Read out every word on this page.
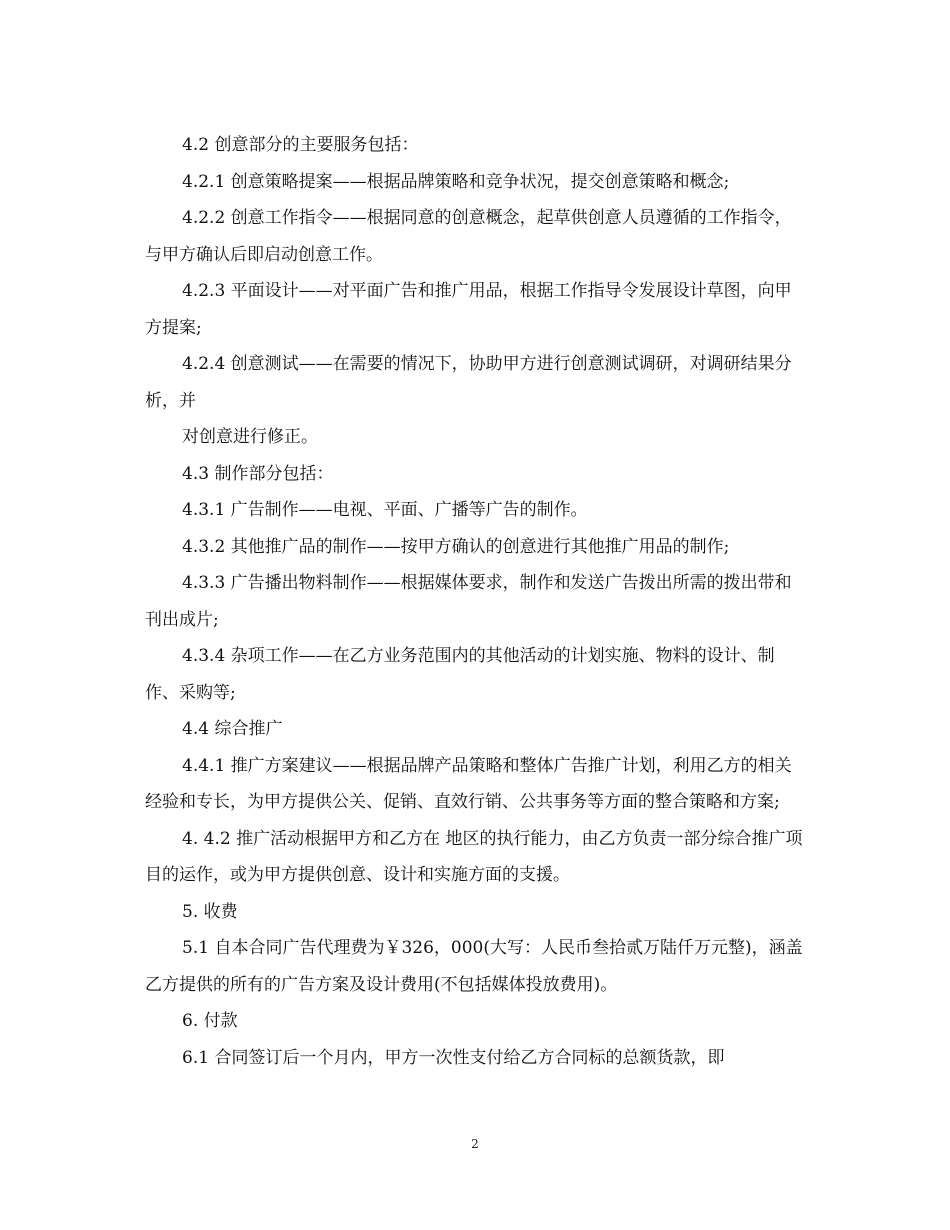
4.2 创意部分的主要服务包括：

4.2.1 创意策略提案——根据品牌策略和竞争状况，提交创意策略和概念;

4.2.2 创意工作指令——根据同意的创意概念，起草供创意人员遵循的工作指令，与甲方确认后即启动创意工作。

4.2.3 平面设计——对平面广告和推广用品，根据工作指导令发展设计草图，向甲方提案;

4.2.4 创意测试——在需要的情况下，协助甲方进行创意测试调研，对调研结果分析，并

对创意进行修正。

4.3 制作部分包括：

4.3.1 广告制作——电视、平面、广播等广告的制作。

4.3.2 其他推广品的制作——按甲方确认的创意进行其他推广用品的制作;

4.3.3 广告播出物料制作——根据媒体要求，制作和发送广告拨出所需的拨出带和刊出成片;

4.3.4 杂项工作——在乙方业务范围内的其他活动的计划实施、物料的设计、制作、采购等;

4.4 综合推广

4.4.1 推广方案建议——根据品牌产品策略和整体广告推广计划，利用乙方的相关经验和专长，为甲方提供公关、促销、直效行销、公共事务等方面的整合策略和方案;

4. 4.2 推广活动根据甲方和乙方在 地区的执行能力，由乙方负责一部分综合推广项目的运作，或为甲方提供创意、设计和实施方面的支援。

5. 收费

5.1 自本合同广告代理费为￥326，000(大写：人民币叁拾贰万陆仟万元整)，涵盖乙方提供的所有的广告方案及设计费用(不包括媒体投放费用)。

6. 付款

6.1 合同签订后一个月内，甲方一次性支付给乙方合同标的总额货款，即

2
